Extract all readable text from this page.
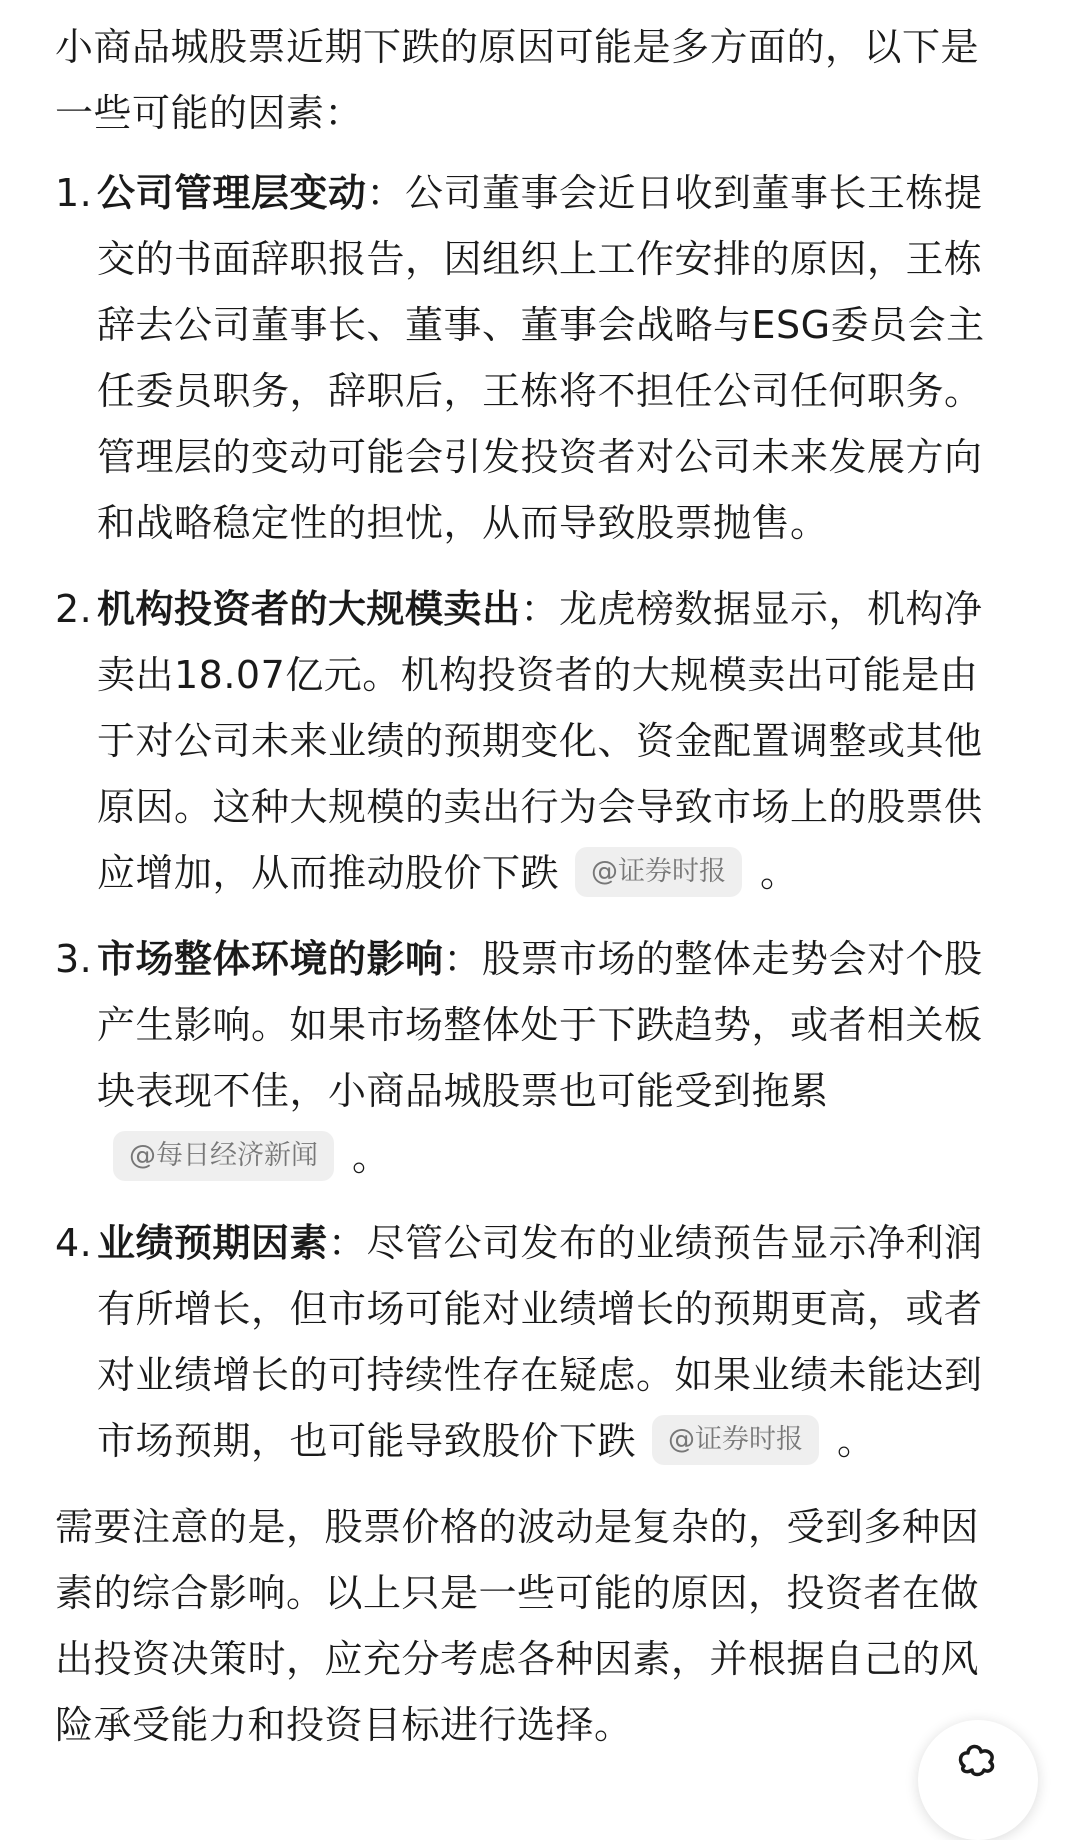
小商品城股票近期下跌的原因可能是多方面的，以下是一些可能的因素：

1. 公司管理层变动：公司董事会近日收到董事长王栋提交的书面辞职报告，因组织上工作安排的原因，王栋辞去公司董事长、董事、董事会战略与ESG委员会主任委员职务，辞职后，王栋将不担任公司任何职务。管理层的变动可能会引发投资者对公司未来发展方向和战略稳定性的担忧，从而导致股票抛售。
2. 机构投资者的大规模卖出：龙虎榜数据显示，机构净卖出18.07亿元。机构投资者的大规模卖出可能是由于对公司未来业绩的预期变化、资金配置调整或其他原因。这种大规模的卖出行为会导致市场上的股票供应增加，从而推动股价下跌 @证券时报 。
3. 市场整体环境的影响：股票市场的整体走势会对个股产生影响。如果市场整体处于下跌趋势，或者相关板块表现不佳，小商品城股票也可能受到拖累@每日经济新闻 。
4. 业绩预期因素：尽管公司发布的业绩预告显示净利润有所增长，但市场可能对业绩增长的预期更高，或者对业绩增长的可持续性存在疑虑。如果业绩未能达到市场预期，也可能导致股价下跌 @证券时报 。

需要注意的是，股票价格的波动是复杂的，受到多种因素的综合影响。以上只是一些可能的原因，投资者在做出投资决策时，应充分考虑各种因素，并根据自己的风险承受能力和投资目标进行选择。
